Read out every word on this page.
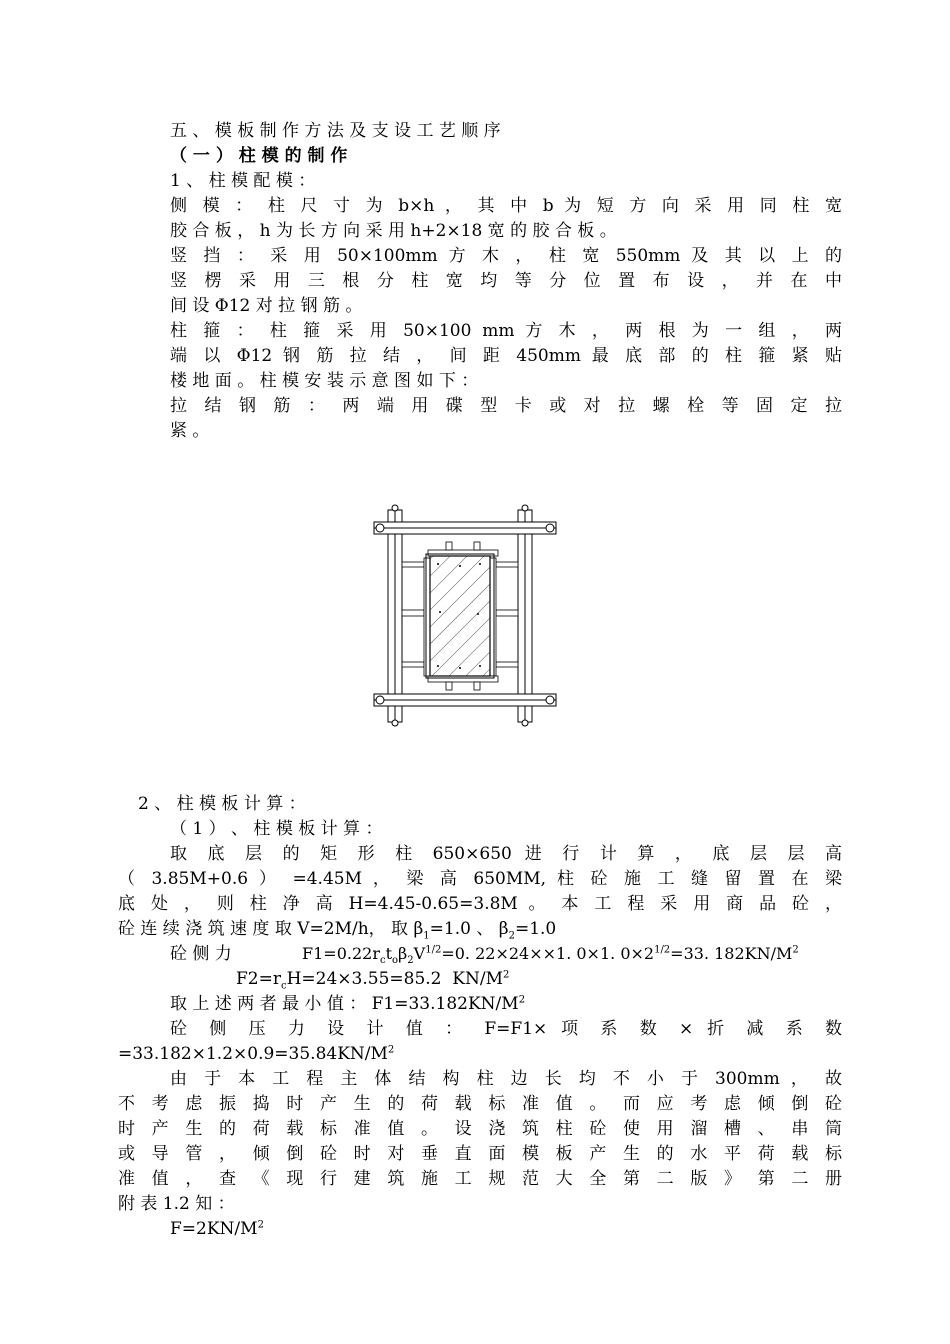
五 、 模 板 制 作 方 法 及 支 设 工 艺 顺 序
（ 一 ） 柱 模 的 制 作
1 、 柱 模 配 模 ：
侧 模 ： 柱 尺 寸 为 b×h ， 其 中 b 为 短 方 向 采 用 同 柱 宽
胶 合 板 ， h 为 长 方 向 采 用 h+2×18 宽 的 胶 合 板 。
竖 挡 ： 采 用 50×100mm 方 木 ， 柱 宽 550mm 及 其 以 上 的
竖 楞 采 用 三 根 分 柱 宽 均 等 分 位 置 布 设 ， 并 在 中
间 设 Φ12 对 拉 钢 筋 。
柱 箍 ： 柱 箍 采 用 50×100 mm 方 木 ， 两 根 为 一 组 ， 两
端 以 Φ12 钢 筋 拉 结 ， 间 距 450mm 最 底 部 的 柱 箍 紧 贴
楼 地 面 。 柱 模 安 装 示 意 图 如 下 ：
拉 结 钢 筋 ： 两 端 用 碟 型 卡 或 对 拉 螺 栓 等 固 定 拉
紧 。
2 、 柱 模 板 计 算 ：
（ 1 ） 、 柱 模 板 计 算 ：
取 底 层 的 矩 形 柱 650×650 进 行 计 算 ， 底 层 层 高
（ 3.85M+0.6 ） =4.45M ， 梁 高 650MM, 柱 砼 施 工 缝 留 置 在 梁
底 处 ， 则 柱 净 高 H=4.45-0.65=3.8M 。 本 工 程 采 用 商 品 砼 ，
砼 连 续 浇 筑 速 度 取 V=2M/h， 取 $\beta_1=1.0$ 、 $\beta_2=1.0$
砼 侧 力	$F1=0.22r_ct_o\beta_2V^{1/2}=0$. 22×24××1. 0×1. $0\times 2^{1/2}=33$. $182KN/M^2$
$F2=r_cH=24\times 3.55=85.2$  $KN/M^2$
取 上 述 两 者 最 小 值 ： $F1=33.182KN/M^2$
砼 侧 压 力 设 计 值 ： F=F1× 项 系 数 × 折 减 系 数
$=33.182\times 1.2\times 0.9=35.84KN/M^2$
由 于 本 工 程 主 体 结 构 柱 边 长 均 不 小 于 300mm ， 故
不 考 虑 振 捣 时 产 生 的 荷 载 标 准 值 。 而 应 考 虑 倾 倒 砼
时 产 生 的 荷 载 标 准 值 。 设 浇 筑 柱 砼 使 用 溜 槽 、 串 筒
或 导 管 ， 倾 倒 砼 时 对 垂 直 面 模 板 产 生 的 水 平 荷 载 标
准 值 ， 查 《 现 行 建 筑 施 工 规 范 大 全 第 二 版 》 第 二 册
附 表 1.2 知 ：
$F=2KN/M^2$
